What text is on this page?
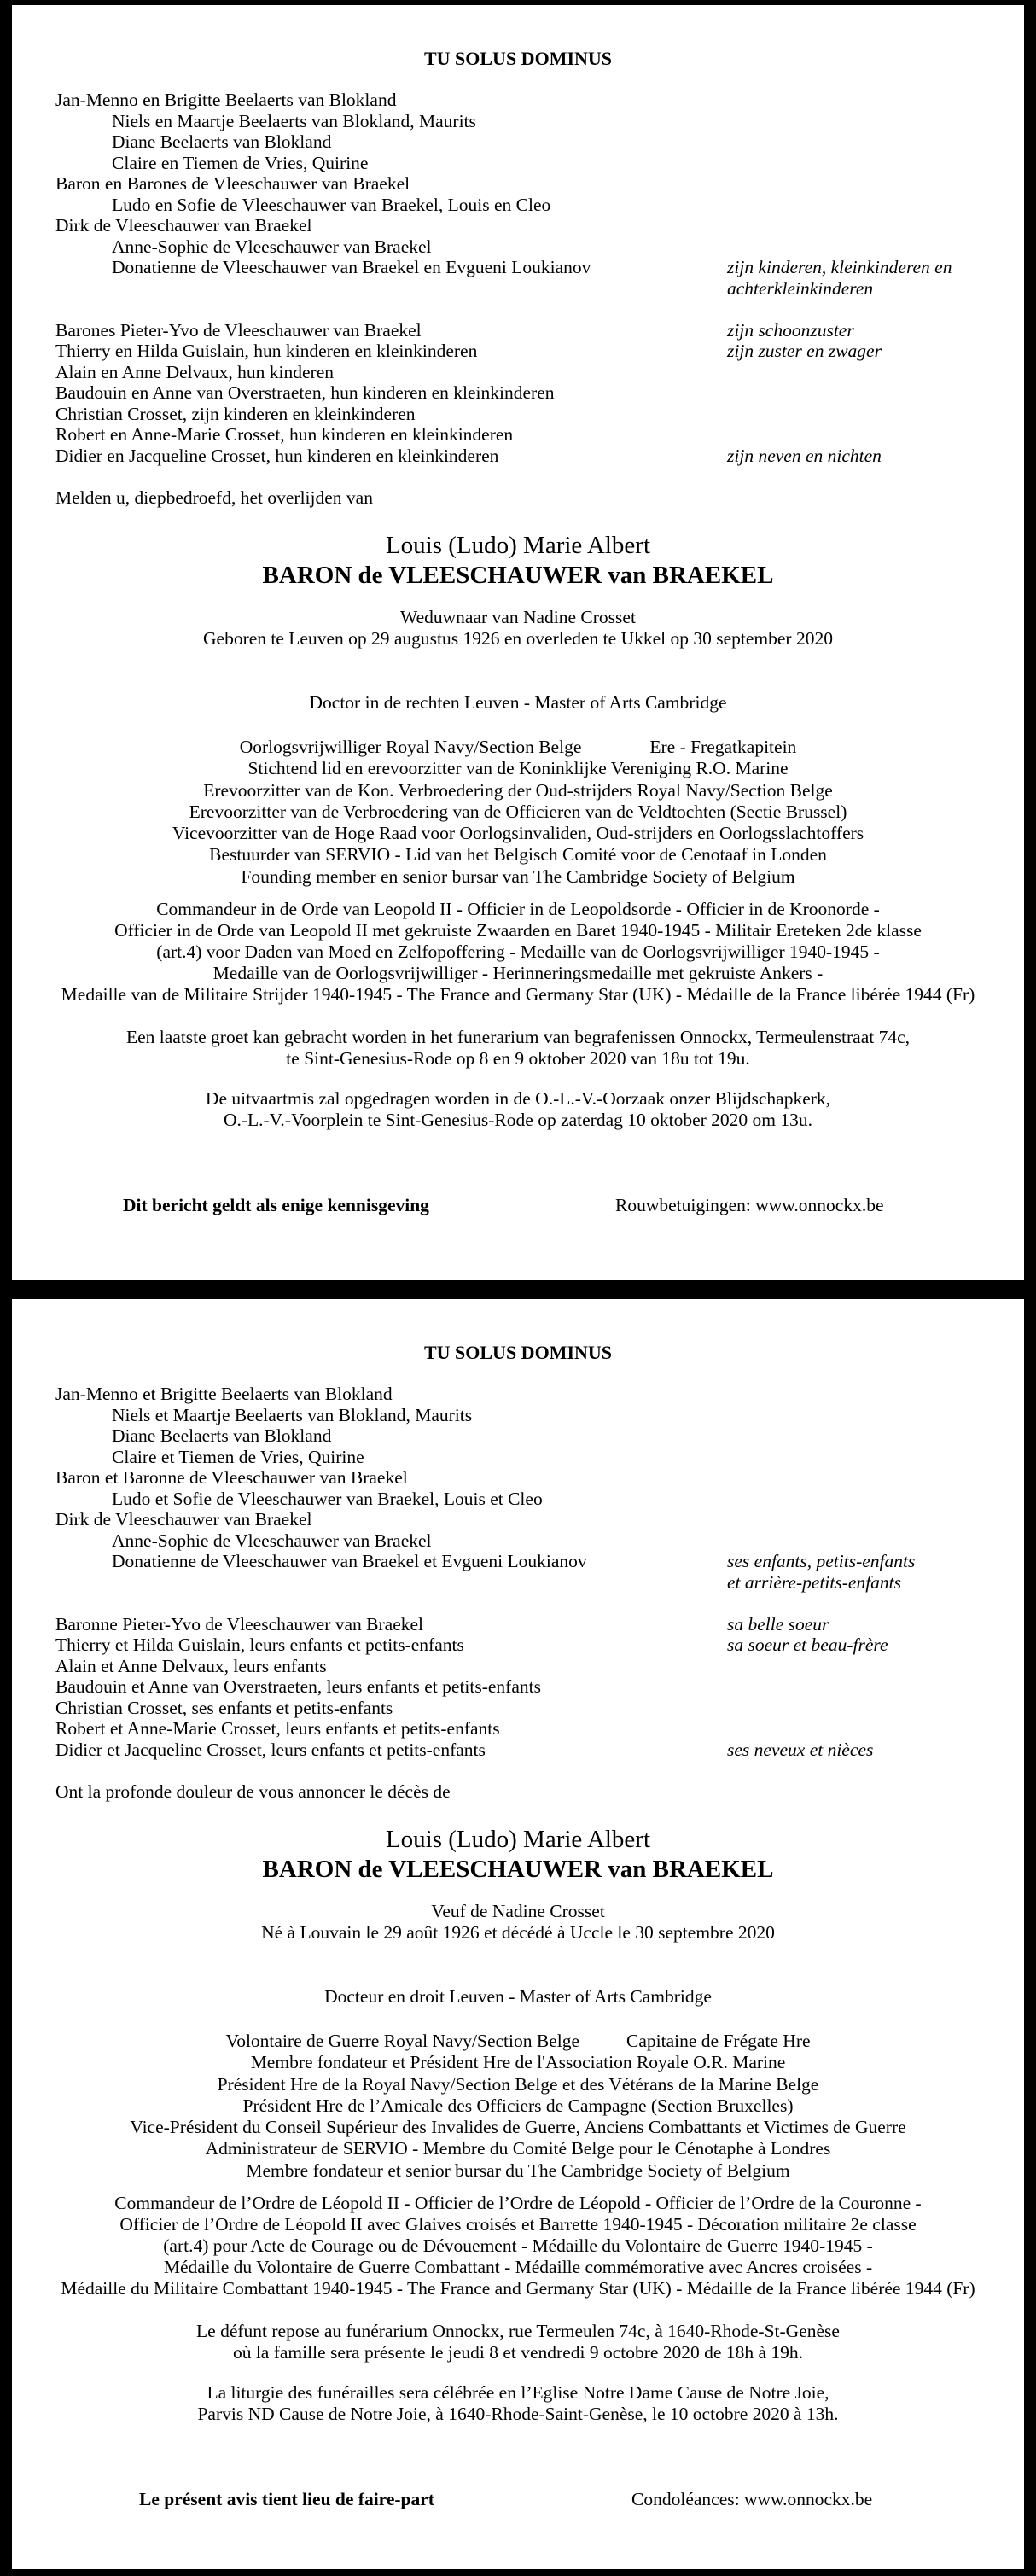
TU SOLUS DOMINUS
Jan-Menno en Brigitte Beelaerts van Blokland
Niels en Maartje Beelaerts van Blokland, Maurits
Diane Beelaerts van Blokland
Claire en Tiemen de Vries, Quirine
Baron en Barones de Vleeschauwer van Braekel
Ludo en Sofie de Vleeschauwer van Braekel, Louis en Cleo
Dirk de Vleeschauwer van Braekel
Anne-Sophie de Vleeschauwer van Braekel
Donatienne de Vleeschauwer van Braekel en Evgueni Loukianov	zijn kinderen, kleinkinderen en
achterkleinkinderen
Barones Pieter-Yvo de Vleeschauwer van Braekel	zijn schoonzuster
Thierry en Hilda Guislain, hun kinderen en kleinkinderen	zijn zuster en zwager
Alain en Anne Delvaux, hun kinderen
Baudouin en Anne van Overstraeten, hun kinderen en kleinkinderen
Christian Crosset, zijn kinderen en kleinkinderen
Robert en Anne-Marie Crosset, hun kinderen en kleinkinderen
Didier en Jacqueline Crosset, hun kinderen en kleinkinderen	zijn neven en nichten
Melden u, diepbedroefd, het overlijden van
Louis (Ludo) Marie Albert
BARON de VLEESCHAUWER van BRAEKEL
Weduwnaar van Nadine Crosset
Geboren te Leuven op 29 augustus 1926 en overleden te Ukkel op 30 september 2020
Doctor in de rechten Leuven - Master of Arts Cambridge
Oorlogsvrijwilliger Royal Navy/Section Belge	Ere - Fregatkapitein
Stichtend lid en erevoorzitter van de Koninklijke Vereniging R.O. Marine
Erevoorzitter van de Kon. Verbroedering der Oud-strijders Royal Navy/Section Belge
Erevoorzitter van de Verbroedering van de Officieren van de Veldtochten (Sectie Brussel)
Vicevoorzitter van de Hoge Raad voor Oorlogsinvaliden, Oud-strijders en Oorlogsslachtoffers
Bestuurder van SERVIO - Lid van het Belgisch Comité voor de Cenotaaf in Londen
Founding member en senior bursar van The Cambridge Society of Belgium
Commandeur in de Orde van Leopold II - Officier in de Leopoldsorde - Officier in de Kroonorde -
Officier in de Orde van Leopold II met gekruiste Zwaarden en Baret 1940-1945 - Militair Ereteken 2de klasse
(art.4) voor Daden van Moed en Zelfopoffering - Medaille van de Oorlogsvrijwilliger 1940-1945 -
Medaille van de Oorlogsvrijwilliger - Herinneringsmedaille met gekruiste Ankers -
Medaille van de Militaire Strijder 1940-1945 - The France and Germany Star (UK) - Médaille de la France libérée 1944 (Fr)
Een laatste groet kan gebracht worden in het funerarium van begrafenissen Onnockx, Termeulenstraat 74c,
te Sint-Genesius-Rode op 8 en 9 oktober 2020 van 18u tot 19u.
De uitvaartmis zal opgedragen worden in de O.-L.-V.-Oorzaak onzer Blijdschapkerk,
O.-L.-V.-Voorplein te Sint-Genesius-Rode op zaterdag 10 oktober 2020 om 13u.
Dit bericht geldt als enige kennisgeving	Rouwbetuigingen: www.onnockx.be
TU SOLUS DOMINUS
Jan-Menno et Brigitte Beelaerts van Blokland
Niels et Maartje Beelaerts van Blokland, Maurits
Diane Beelaerts van Blokland
Claire et Tiemen de Vries, Quirine
Baron et Baronne de Vleeschauwer van Braekel
Ludo et Sofie de Vleeschauwer van Braekel, Louis et Cleo
Dirk de Vleeschauwer van Braekel
Anne-Sophie de Vleeschauwer van Braekel
Donatienne de Vleeschauwer van Braekel et Evgueni Loukianov	ses enfants, petits-enfants
et arrière-petits-enfants
Baronne Pieter-Yvo de Vleeschauwer van Braekel	sa belle soeur
Thierry et Hilda Guislain, leurs enfants et petits-enfants	sa soeur et beau-frère
Alain et Anne Delvaux, leurs enfants
Baudouin et Anne van Overstraeten, leurs enfants et petits-enfants
Christian Crosset, ses enfants et petits-enfants
Robert et Anne-Marie Crosset, leurs enfants et petits-enfants
Didier et Jacqueline Crosset, leurs enfants et petits-enfants	ses neveux et nièces
Ont la profonde douleur de vous annoncer le décès de
Louis (Ludo) Marie Albert
BARON de VLEESCHAUWER van BRAEKEL
Veuf de Nadine Crosset
Né à Louvain le 29 août 1926 et décédé à Uccle le 30 septembre 2020
Docteur en droit Leuven - Master of Arts Cambridge
Volontaire de Guerre Royal Navy/Section Belge	Capitaine de Frégate Hre
Membre fondateur et Président Hre de l'Association Royale O.R. Marine
Président Hre de la Royal Navy/Section Belge et des Vétérans de la Marine Belge
Président Hre de l’Amicale des Officiers de Campagne (Section Bruxelles)
Vice-Président du Conseil Supérieur des Invalides de Guerre, Anciens Combattants et Victimes de Guerre
Administrateur de SERVIO - Membre du Comité Belge pour le Cénotaphe à Londres
Membre fondateur et senior bursar du The Cambridge Society of Belgium
Commandeur de l’Ordre de Léopold II - Officier de l’Ordre de Léopold - Officier de l’Ordre de la Couronne -
Officier de l’Ordre de Léopold II avec Glaives croisés et Barrette 1940-1945 - Décoration militaire 2e classe
(art.4) pour Acte de Courage ou de Dévouement - Médaille du Volontaire de Guerre 1940-1945 -
Médaille du Volontaire de Guerre Combattant - Médaille commémorative avec Ancres croisées -
Médaille du Militaire Combattant 1940-1945 - The France and Germany Star (UK) - Médaille de la France libérée 1944 (Fr)
Le défunt repose au funérarium Onnockx, rue Termeulen 74c, à 1640-Rhode-St-Genèse
où la famille sera présente le jeudi 8 et vendredi 9 octobre 2020 de 18h à 19h.
La liturgie des funérailles sera célébrée en l’Eglise Notre Dame Cause de Notre Joie,
Parvis ND Cause de Notre Joie, à 1640-Rhode-Saint-Genèse, le 10 octobre 2020 à 13h.
Le présent avis tient lieu de faire-part	Condoléances: www.onnockx.be
